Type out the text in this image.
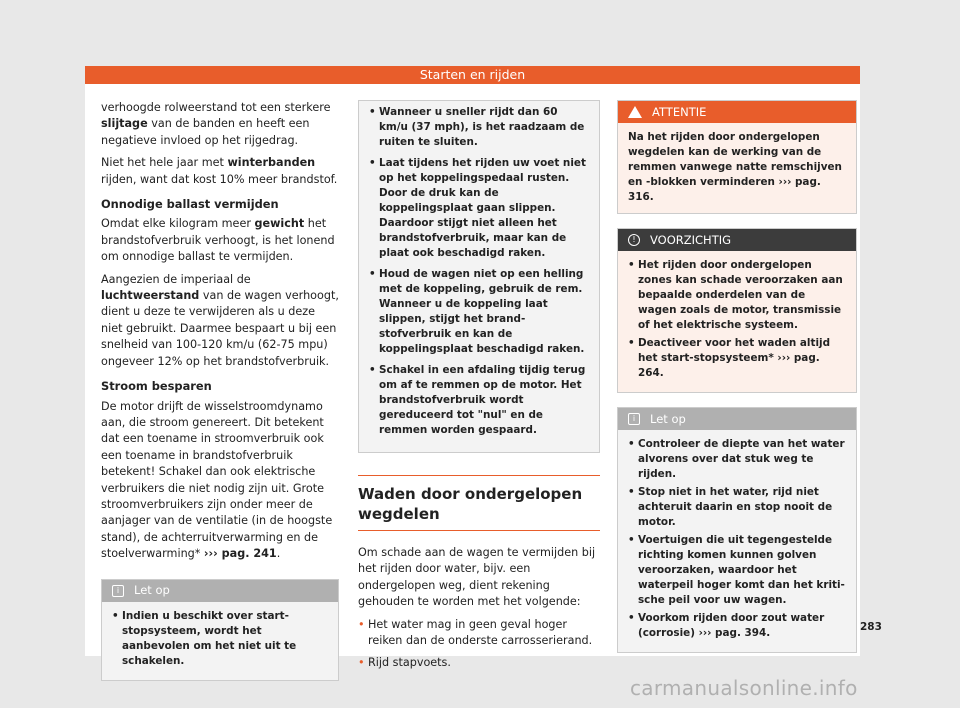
Starten en rijden

verhoogde rolweerstand tot een sterkere slijtage van de banden en heeft een negatieve invloed op het rijgedrag.

Niet het hele jaar met winterbanden rijden, want dat kost 10% meer brandstof.

Onnodige ballast vermijden

Omdat elke kilogram meer gewicht het brandstofverbruik verhoogt, is het lonend om onnodige ballast te vermijden.

Aangezien de imperiaal de luchtweerstand van de wagen verhoogt, dient u deze te verwijderen als u deze niet gebruikt. Daarmee bespaart u bij een snelheid van 100-120 km/u (62-75 mpu) ongeveer 12% op het brandstofverbruik.

Stroom besparen

De motor drijft de wisselstroomdynamo aan, die stroom genereert. Dit betekent dat een toename in stroomverbruik ook een toename in brandstofverbruik betekent! Schakel dan ook elektrische verbruikers die niet nodig zijn uit. Grote stroomverbruikers zijn onder meer de aanjager van de ventilatie (in de hoogste stand), de achterruitverwarming en de stoelverwarming* ››› pag. 241.

i	Let op
• Indien u beschikt over start-stopsysteem, wordt het aanbevolen om het niet uit te schakelen.
• Wanneer u sneller rijdt dan 60 km/u (37 mph), is het raadzaam de ruiten te sluiten.
• Laat tijdens het rijden uw voet niet op het koppelingspedaal rusten. Door de druk kan de koppelingsplaat gaan slippen. Daardoor stijgt niet alleen het brandstofverbruik, maar kan de plaat ook beschadigd raken.
• Houd de wagen niet op een helling met de koppeling, gebruik de rem. Wanneer u de koppeling laat slippen, stijgt het brandstofverbruik en kan de koppelingsplaat beschadigd raken.
• Schakel in een afdaling tijdig terug om af te remmen op de motor. Het brandstofverbruik wordt gereduceerd tot "nul" en de remmen worden gespaard.
Waden door ondergelopen wegdelen

Om schade aan de wagen te vermijden bij het rijden door water, bijv. een ondergelopen weg, dient rekening gehouden te worden met het volgende:

• Het water mag in geen geval hoger reiken dan de onderste carrosserierand.

• Rijd stapvoets.

ATTENTIE
Na het rijden door ondergelopen wegdelen kan de werking van de remmen vanwege natte remschijven en -blokken verminderen ››› pag. 316.
!	VOORZICHTIG
• Het rijden door ondergelopen zones kan schade veroorzaken aan bepaalde onderdelen van de wagen zoals de motor, transmissie of het elektrische systeem.
• Deactiveer voor het waden altijd het start-stopsysteem* ››› pag. 264.
i	Let op
• Controleer de diepte van het water alvorens over dat stuk weg te rijden.
• Stop niet in het water, rijd niet achteruit daarin en stop nooit de motor.
• Voertuigen die uit tegengestelde richting komen kunnen golven veroorzaken, waardoor het waterpeil hoger komt dan het kritische peil voor uw wagen.
• Voorkom rijden door zout water (corrosie) ››› pag. 394.	283
carmanualsonline.info
